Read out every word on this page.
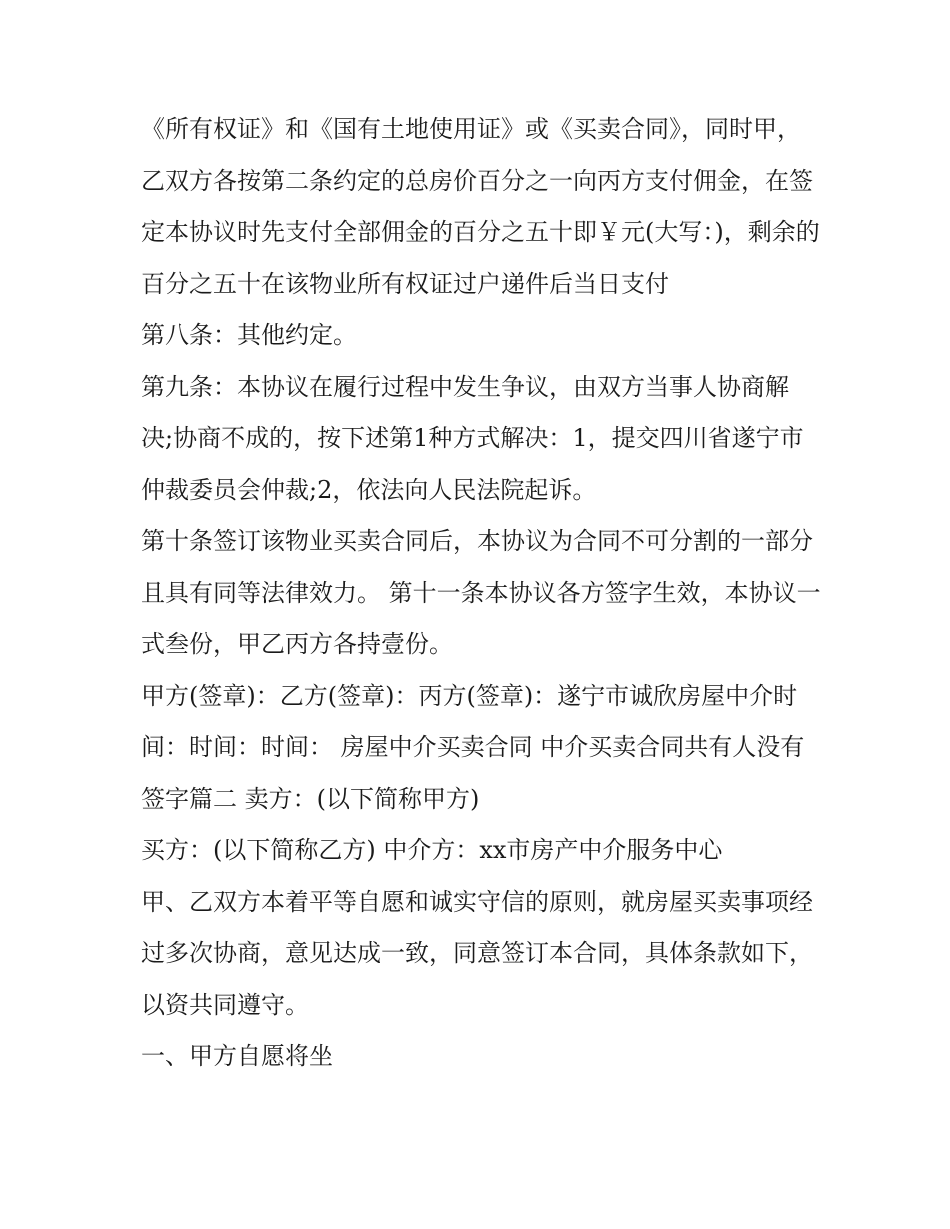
《所有权证》和《国有土地使用证》或《买卖合同》，同时甲，乙双方各按第二条约定的总房价百分之一向丙方支付佣金，在签定本协议时先支付全部佣金的百分之五十即￥元(大写：)，剩余的百分之五十在该物业所有权证过户递件后当日支付

第八条：其他约定。

第九条：本协议在履行过程中发生争议，由双方当事人协商解决;协商不成的，按下述第1种方式解决：1，提交四川省遂宁市仲裁委员会仲裁;2，依法向人民法院起诉。

第十条签订该物业买卖合同后，本协议为合同不可分割的一部分且具有同等法律效力。 第十一条本协议各方签字生效，本协议一式叁份，甲乙丙方各持壹份。

甲方(签章)：乙方(签章)：丙方(签章)：遂宁市诚欣房屋中介时间：时间：时间： 房屋中介买卖合同 中介买卖合同共有人没有签字篇二 卖方：(以下简称甲方)

买方：(以下简称乙方) 中介方：xx市房产中介服务中心

甲、乙双方本着平等自愿和诚实守信的原则，就房屋买卖事项经过多次协商，意见达成一致，同意签订本合同，具体条款如下，以资共同遵守。

一、甲方自愿将坐
